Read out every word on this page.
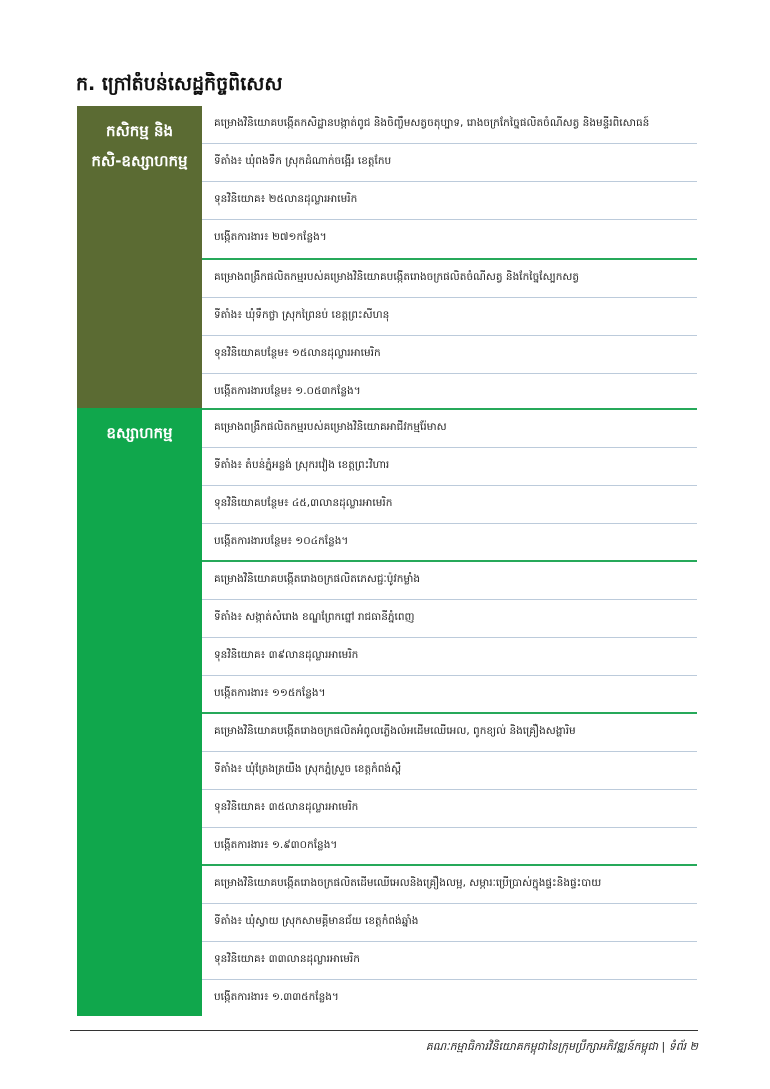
ក. ក្រៅតំបន់សេដ្ឋកិច្ចពិសេស
កសិកម្ម និង
កសិ-ឧស្សាហកម្ម
គម្រោងវិនិយោគបង្កើតកសិដ្ឋានបង្កាត់ពូជ និងចិញ្ចឹមសត្វចតុប្បាទ, រោងចក្រកែច្នៃផលិតចំណីសត្វ និងមន្ទីរពិសោធន៍
ទីតាំង៖ ឃុំពងទឹក ស្រុកដំណាក់ចង្អើរ ខេត្តកែប
ទុនវិនិយោគ៖ ២៥លានដុល្លារអាមេរិក
បង្កើតការងារ៖ ២៧១កន្លែង។
គម្រោងពង្រីកផលិតកម្មរបស់គម្រោងវិនិយោគបង្កើតរោងចក្រផលិតចំណីសត្វ និងកែច្នៃស្បែកសត្វ
ទីតាំង៖ ឃុំទឹកថ្លា ស្រុកព្រៃនប់ ខេត្តព្រះសីហនុ
ទុនវិនិយោគបន្ថែម៖ ១៥លានដុល្លារអាមេរិក
បង្កើតការងារបន្ថែម៖ ១.០៥៣កន្លែង។
ឧស្សាហកម្ម	គម្រោងពង្រីកផលិតកម្មរបស់គម្រោងវិនិយោគអាជីវកម្មរ៉ែមាស
ទីតាំង៖ តំបន់ភ្នំអន្លង់ ស្រុករវៀង ខេត្តព្រះវិហារ
ទុនវិនិយោគបន្ថែម៖ ៤៥,៣លានដុល្លារអាមេរិក
បង្កើតការងារបន្ថែម៖ ១០៤កន្លែង។
គម្រោងវិនិយោគបង្កើតរោងចក្រផលិតភេសជ្ជៈប៉ូវកម្លាំង
ទីតាំង៖ សង្កាត់សំរោង ខណ្ឌព្រែកព្នៅ រាជធានីភ្នំពេញ
ទុនវិនិយោគ៖ ៣៩លានដុល្លារអាមេរិក
បង្កើតការងារ៖ ១១៥កន្លែង។
គម្រោងវិនិយោគបង្កើតរោងចក្រផលិតអំពូលភ្លើងលំអដើមឈើអេល, ពូកខ្យល់ និងគ្រឿងសង្ហារិម
ទីតាំង៖ ឃុំត្រែងត្រយឹង ស្រុកភ្នំស្រួច ខេត្តកំពង់ស្ពឺ
ទុនវិនិយោគ៖ ៣៥លានដុល្លារអាមេរិក
បង្កើតការងារ៖ ១.៩៣០កន្លែង។
គម្រោងវិនិយោគបង្កើតរោងចក្រផលិតដើមឈើអេលនិងគ្រឿងលម្អ, សម្ភារៈប្រើប្រាស់ក្នុងផ្ទះនិងផ្ទះបាយ
ទីតាំង៖ ឃុំស្វាយ ស្រុកសាមគ្គីមានជ័យ ខេត្តកំពង់ឆ្នាំង
ទុនវិនិយោគ៖ ៣៣លានដុល្លារអាមេរិក
បង្កើតការងារ៖ ១.៣៣៥កន្លែង។
គណៈកម្មាធិការវិនិយោគកម្ពុជានៃក្រុមប្រឹក្សាអភិវឌ្ឍន៍កម្ពុជា | ទំព័រ ២
